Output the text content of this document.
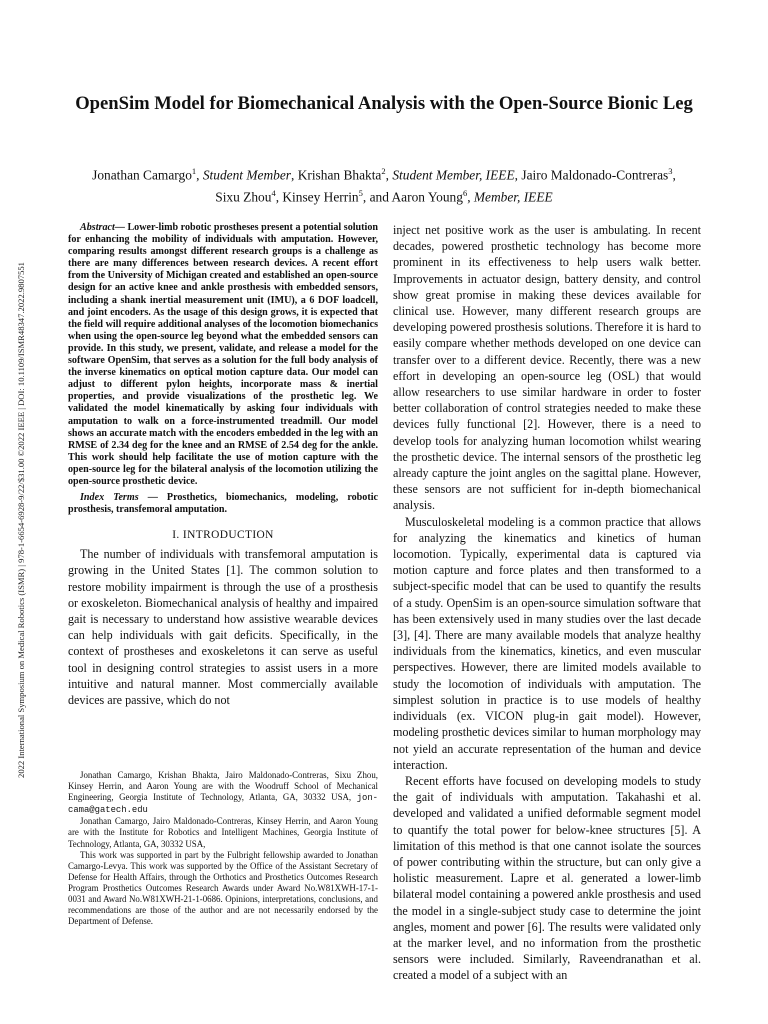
2022 International Symposium on Medical Robotics (ISMR) | 978-1-6654-6928-9/22/$31.00 ©2022 IEEE | DOI: 10.1109/ISMR48347.2022.9807551
OpenSim Model for Biomechanical Analysis with the Open-Source Bionic Leg

Jonathan Camargo$^1$, Student Member, Krishan Bhakta$^2$, Student Member, IEEE, Jairo Maldonado-Contreras$^3$,
Sixu Zhou$^4$, Kinsey Herrin$^5$, and Aaron Young$^6$, Member, IEEE

Abstract— Lower-limb robotic prostheses present a potential solution for enhancing the mobility of individuals with amputation. However, comparing results amongst different research groups is a challenge as there are many differences between research devices. A recent effort from the University of Michigan created and established an open-source design for an active knee and ankle prosthesis with embedded sensors, including a shank inertial measurement unit (IMU), a 6 DOF loadcell, and joint encoders. As the usage of this design grows, it is expected that the field will require additional analyses of the locomotion biomechanics when using the open-source leg beyond what the embedded sensors can provide. In this study, we present, validate, and release a model for the software OpenSim, that serves as a solution for the full body analysis of the inverse kinematics on optical motion capture data. Our model can adjust to different pylon heights, incorporate mass & inertial properties, and provide visualizations of the prosthetic leg. We validated the model kinematically by asking four individuals with amputation to walk on a force-instrumented treadmill. Our model shows an accurate match with the encoders embedded in the leg with an RMSE of 2.34 deg for the knee and an RMSE of 2.54 deg for the ankle. This work should help facilitate the use of motion capture with the open-source leg for the bilateral analysis of the locomotion utilizing the open-source prosthetic device.

Index Terms — Prosthetics, biomechanics, modeling, robotic prosthesis, transfemoral amputation.

I. INTRODUCTION

The number of individuals with transfemoral amputation is growing in the United States [1]. The common solution to restore mobility impairment is through the use of a prosthesis or exoskeleton. Biomechanical analysis of healthy and impaired gait is necessary to understand how assistive wearable devices can help individuals with gait deficits. Specifically, in the context of prostheses and exoskeletons it can serve as useful tool in designing control strategies to assist users in a more intuitive and natural manner. Most commercially available devices are passive, which do not

Jonathan Camargo, Krishan Bhakta, Jairo Maldonado-Contreras, Sixu Zhou, Kinsey Herrin, and Aaron Young are with the Woodruff School of Mechanical Engineering, Georgia Institute of Technology, Atlanta, GA, 30332 USA, jon-cama@gatech.edu

Jonathan Camargo, Jairo Maldonado-Contreras, Kinsey Herrin, and Aaron Young are with the Institute for Robotics and Intelligent Machines, Georgia Institute of Technology, Atlanta, GA, 30332 USA,

This work was supported in part by the Fulbright fellowship awarded to Jonathan Camargo-Levya. This work was supported by the Office of the Assistant Secretary of Defense for Health Affairs, through the Orthotics and Prosthetics Outcomes Research Program Prosthetics Outcomes Research Awards under Award No.W81XWH-17-1-0031 and Award No.W81XWH-21-1-0686. Opinions, interpretations, conclusions, and recommendations are those of the author and are not necessarily endorsed by the Department of Defense.

inject net positive work as the user is ambulating. In recent decades, powered prosthetic technology has become more prominent in its effectiveness to help users walk better. Improvements in actuator design, battery density, and control show great promise in making these devices available for clinical use. However, many different research groups are developing powered prosthesis solutions. Therefore it is hard to easily compare whether methods developed on one device can transfer over to a different device. Recently, there was a new effort in developing an open-source leg (OSL) that would allow researchers to use similar hardware in order to foster better collaboration of control strategies needed to make these devices fully functional [2]. However, there is a need to develop tools for analyzing human locomotion whilst wearing the prosthetic device. The internal sensors of the prosthetic leg already capture the joint angles on the sagittal plane. However, these sensors are not sufficient for in-depth biomechanical analysis.

Musculoskeletal modeling is a common practice that allows for analyzing the kinematics and kinetics of human locomotion. Typically, experimental data is captured via motion capture and force plates and then transformed to a subject-specific model that can be used to quantify the results of a study. OpenSim is an open-source simulation software that has been extensively used in many studies over the last decade [3], [4]. There are many available models that analyze healthy individuals from the kinematics, kinetics, and even muscular perspectives. However, there are limited models available to study the locomotion of individuals with amputation. The simplest solution in practice is to use models of healthy individuals (ex. VICON plug-in gait model). However, modeling prosthetic devices similar to human morphology may not yield an accurate representation of the human and device interaction.

Recent efforts have focused on developing models to study the gait of individuals with amputation. Takahashi et al. developed and validated a unified deformable segment model to quantify the total power for below-knee structures [5]. A limitation of this method is that one cannot isolate the sources of power contributing within the structure, but can only give a holistic measurement. Lapre et al. generated a lower-limb bilateral model containing a powered ankle prosthesis and used the model in a single-subject study case to determine the joint angles, moment and power [6]. The results were validated only at the marker level, and no information from the prosthetic sensors were included. Similarly, Raveendranathan et al. created a model of a subject with an
